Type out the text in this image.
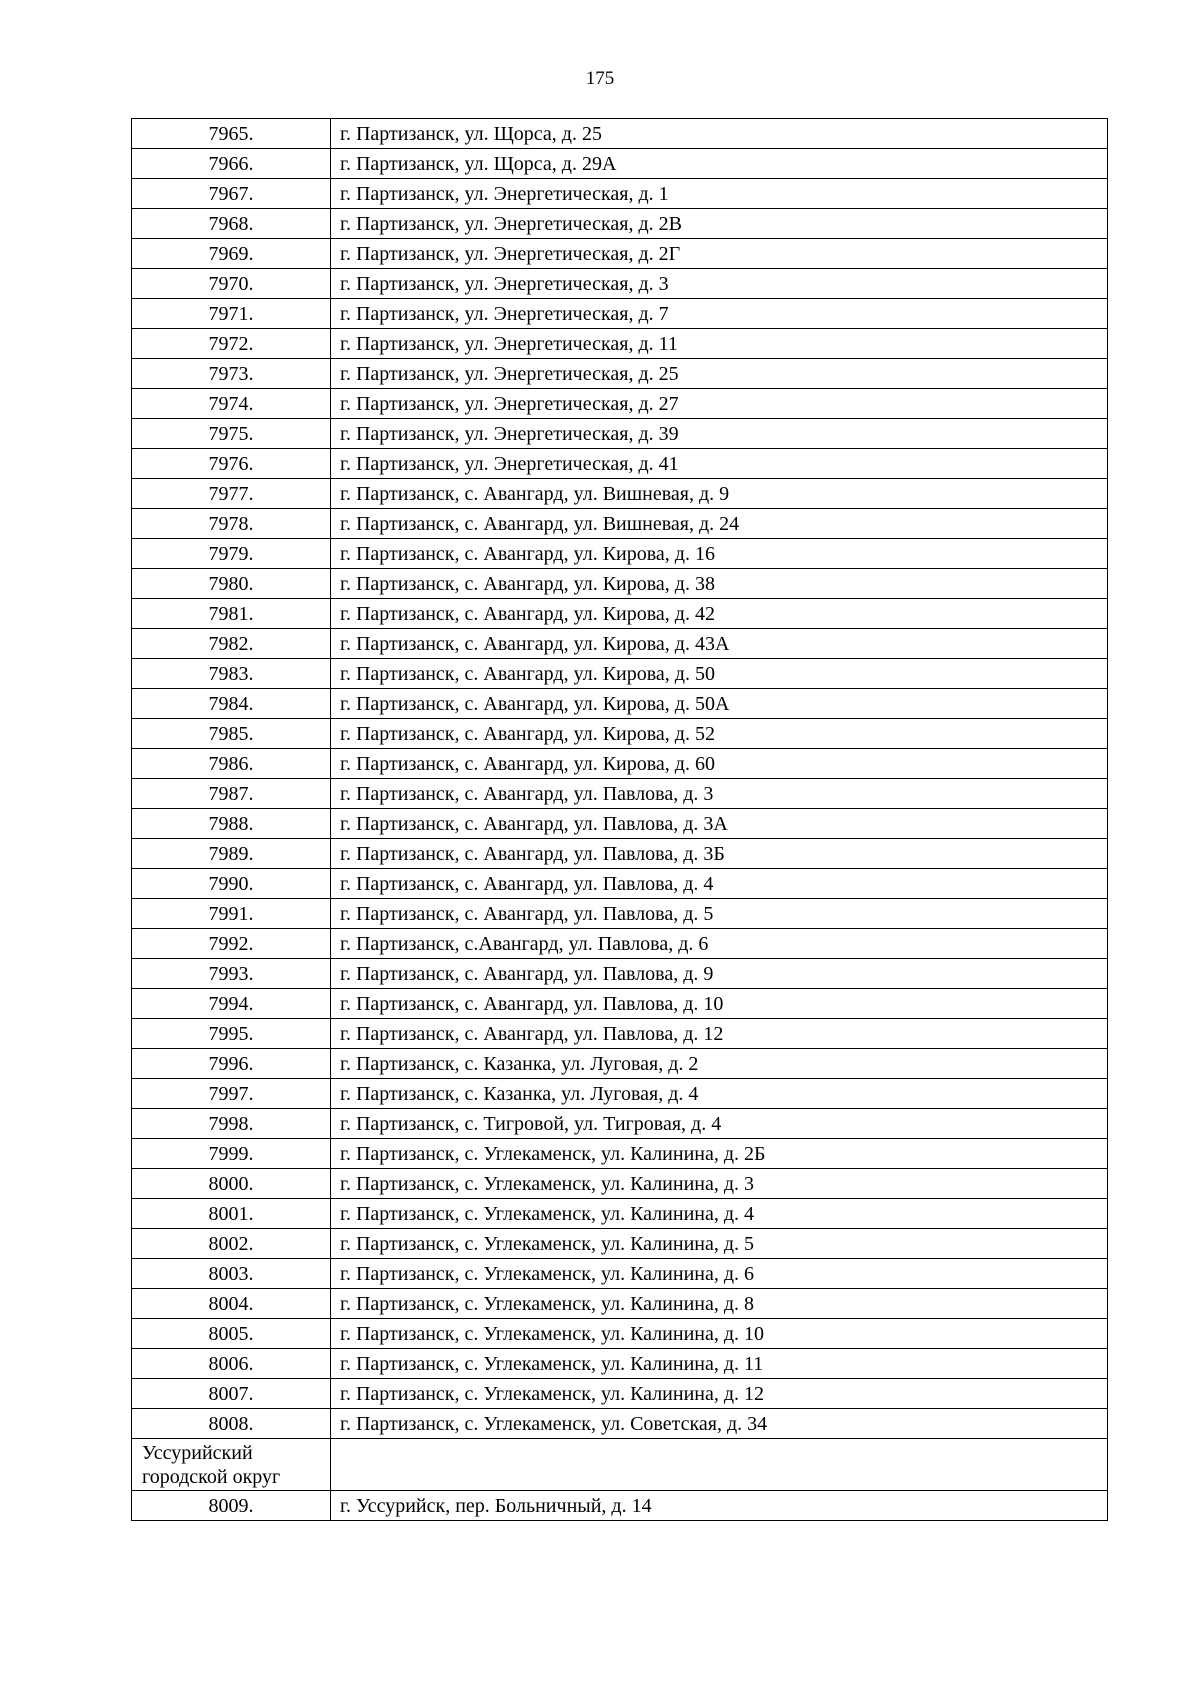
175
7965.	г. Партизанск, ул. Щорса, д. 25
7966.	г. Партизанск, ул. Щорса, д. 29А
7967.	г. Партизанск, ул. Энергетическая, д. 1
7968.	г. Партизанск, ул. Энергетическая, д. 2В
7969.	г. Партизанск, ул. Энергетическая, д. 2Г
7970.	г. Партизанск, ул. Энергетическая, д. 3
7971.	г. Партизанск, ул. Энергетическая, д. 7
7972.	г. Партизанск, ул. Энергетическая, д. 11
7973.	г. Партизанск, ул. Энергетическая, д. 25
7974.	г. Партизанск, ул. Энергетическая, д. 27
7975.	г. Партизанск, ул. Энергетическая, д. 39
7976.	г. Партизанск, ул. Энергетическая, д. 41
7977.	г. Партизанск, с. Авангард, ул. Вишневая, д. 9
7978.	г. Партизанск, с. Авангард, ул. Вишневая, д. 24
7979.	г. Партизанск, с. Авангард, ул. Кирова, д. 16
7980.	г. Партизанск, с. Авангард, ул. Кирова, д. 38
7981.	г. Партизанск, с. Авангард, ул. Кирова, д. 42
7982.	г. Партизанск, с. Авангард, ул. Кирова, д. 43А
7983.	г. Партизанск, с. Авангард, ул. Кирова, д. 50
7984.	г. Партизанск, с. Авангард, ул. Кирова, д. 50А
7985.	г. Партизанск, с. Авангард, ул. Кирова, д. 52
7986.	г. Партизанск, с. Авангард, ул. Кирова, д. 60
7987.	г. Партизанск, с. Авангард, ул. Павлова, д. 3
7988.	г. Партизанск, с. Авангард, ул. Павлова, д. 3А
7989.	г. Партизанск, с. Авангард, ул. Павлова, д. 3Б
7990.	г. Партизанск, с. Авангард, ул. Павлова, д. 4
7991.	г. Партизанск, с. Авангард, ул. Павлова, д. 5
7992.	г. Партизанск, с.Авангард, ул. Павлова, д. 6
7993.	г. Партизанск, с. Авангард, ул. Павлова, д. 9
7994.	г. Партизанск, с. Авангард, ул. Павлова, д. 10
7995.	г. Партизанск, с. Авангард, ул. Павлова, д. 12
7996.	г. Партизанск, с. Казанка, ул. Луговая, д. 2
7997.	г. Партизанск, с. Казанка, ул. Луговая, д. 4
7998.	г. Партизанск, с. Тигровой, ул. Тигровая, д. 4
7999.	г. Партизанск, с. Углекаменск, ул. Калинина, д. 2Б
8000.	г. Партизанск, с. Углекаменск, ул. Калинина, д. 3
8001.	г. Партизанск, с. Углекаменск, ул. Калинина, д. 4
8002.	г. Партизанск, с. Углекаменск, ул. Калинина, д. 5
8003.	г. Партизанск, с. Углекаменск, ул. Калинина, д. 6
8004.	г. Партизанск, с. Углекаменск, ул. Калинина, д. 8
8005.	г. Партизанск, с. Углекаменск, ул. Калинина, д. 10
8006.	г. Партизанск, с. Углекаменск, ул. Калинина, д. 11
8007.	г. Партизанск, с. Углекаменск, ул. Калинина, д. 12
8008.	г. Партизанск, с. Углекаменск, ул. Советская, д. 34
Уссурийский
городской округ	
8009.	г. Уссурийск, пер. Больничный, д. 14
